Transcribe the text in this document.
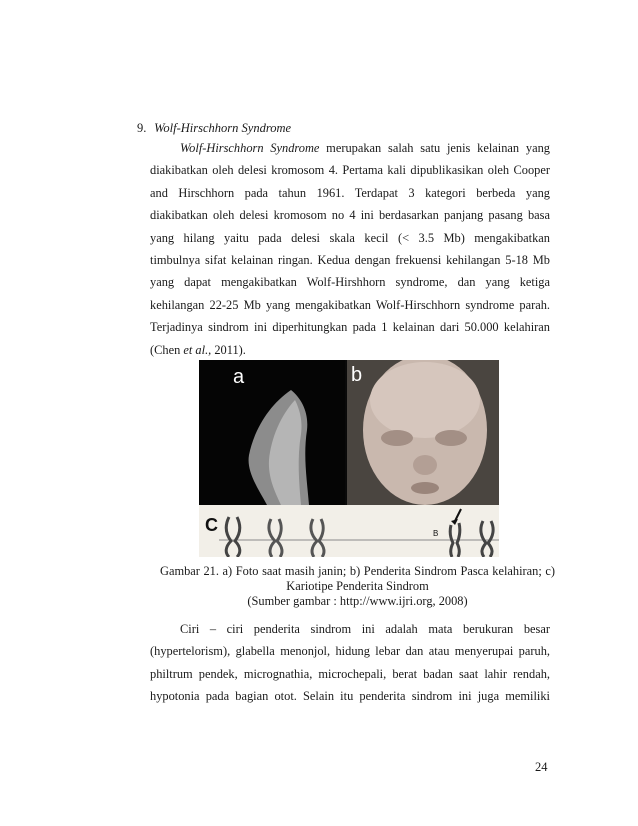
9. Wolf-Hirschhorn Syndrome
Wolf-Hirschhorn Syndrome merupakan salah satu jenis kelainan yang
diakibatkan oleh delesi kromosom 4. Pertama kali dipublikasikan oleh Cooper
and Hirschhorn pada tahun 1961. Terdapat 3 kategori berbeda yang
diakibatkan oleh delesi kromosom no 4 ini berdasarkan panjang pasang basa
yang hilang yaitu pada delesi skala kecil (< 3.5 Mb) mengakibatkan
timbulnya sifat kelainan ringan. Kedua dengan frekuensi kehilangan 5-18 Mb
yang dapat mengakibatkan Wolf-Hirshhorn syndrome, dan yang ketiga
kehilangan 22-25 Mb yang mengakibatkan Wolf-Hirschhorn syndrome parah.
Terjadinya sindrom ini diperhitungkan pada 1 kelainan dari 50.000 kelahiran
(Chen et al., 2011).
a	b
C	B
Gambar 21. a) Foto saat masih janin; b) Penderita Sindrom Pasca kelahiran; c)
Kariotipe Penderita Sindrom
(Sumber gambar : http://www.ijri.org, 2008)
Ciri – ciri penderita sindrom ini adalah mata berukuran besar
(hypertelorism), glabella menonjol, hidung lebar dan atau menyerupai paruh,
philtrum pendek, micrognathia, microchepali, berat badan saat lahir rendah,
hypotonia pada bagian otot. Selain itu penderita sindrom ini juga memiliki
24
